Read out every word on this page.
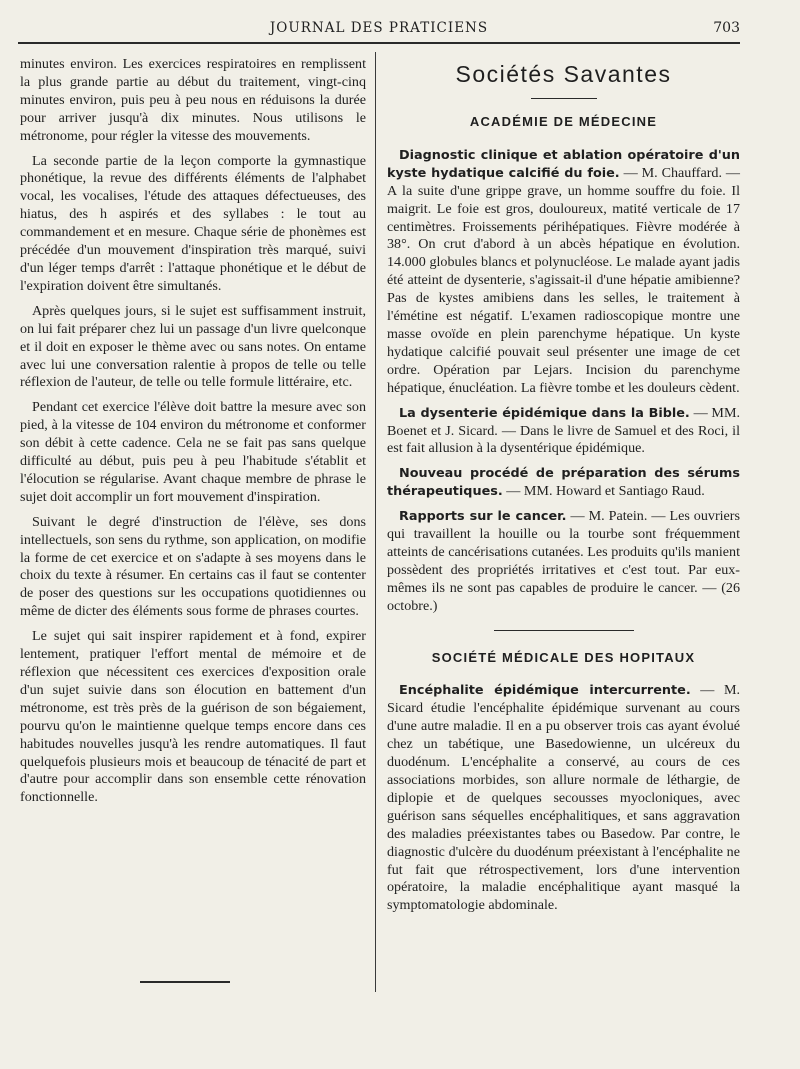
JOURNAL DES PRATICIENS	703

minutes environ. Les exercices respiratoires en remplissent la plus grande partie au début du traitement, vingt-cinq minutes environ, puis peu à peu nous en réduisons la durée pour arriver jusqu'à dix minutes. Nous utilisons le métronome, pour régler la vitesse des mouvements.

La seconde partie de la leçon comporte la gymnastique phonétique, la revue des différents éléments de l'alphabet vocal, les vocalises, l'étude des attaques défectueuses, des hiatus, des h aspirés et des syllabes : le tout au commandement et en mesure. Chaque série de phonèmes est précédée d'un mouvement d'inspiration très marqué, suivi d'un léger temps d'arrêt : l'attaque phonétique et le début de l'expiration doivent être simultanés.

Après quelques jours, si le sujet est suffisamment instruit, on lui fait préparer chez lui un passage d'un livre quelconque et il doit en exposer le thème avec ou sans notes. On entame avec lui une conversation ralentie à propos de telle ou telle réflexion de l'auteur, de telle ou telle formule littéraire, etc.

Pendant cet exercice l'élève doit battre la mesure avec son pied, à la vitesse de 104 environ du métronome et conformer son débit à cette cadence. Cela ne se fait pas sans quelque difficulté au début, puis peu à peu l'habitude s'établit et l'élocution se régularise. Avant chaque membre de phrase le sujet doit accomplir un fort mouvement d'inspiration.

Suivant le degré d'instruction de l'élève, ses dons intellectuels, son sens du rythme, son application, on modifie la forme de cet exercice et on s'adapte à ses moyens dans le choix du texte à résumer. En certains cas il faut se contenter de poser des questions sur les occupations quotidiennes ou même de dicter des éléments sous forme de phrases courtes.

Le sujet qui sait inspirer rapidement et à fond, expirer lentement, pratiquer l'effort mental de mémoire et de réflexion que nécessitent ces exercices d'exposition orale d'un sujet suivie dans son élocution en battement d'un métronome, est très près de la guérison de son bégaiement, pourvu qu'on le maintienne quelque temps encore dans ces habitudes nouvelles jusqu'à les rendre automatiques. Il faut quelquefois plusieurs mois et beaucoup de ténacité de part et d'autre pour accomplir dans son ensemble cette rénovation fonctionnelle.

Sociétés Savantes
ACADÉMIE DE MÉDECINE

Diagnostic clinique et ablation opératoire d'un kyste hydatique calcifié du foie. — M. Chauffard. — A la suite d'une grippe grave, un homme souffre du foie. Il maigrit. Le foie est gros, douloureux, matité verticale de 17 centimètres. Froissements périhépatiques. Fièvre modérée à 38°. On crut d'abord à un abcès hépatique en évolution. 14.000 globules blancs et polynucléose. Le malade ayant jadis été atteint de dysenterie, s'agissait-il d'une hépatie amibienne? Pas de kystes amibiens dans les selles, le traitement à l'émétine est négatif. L'examen radioscopique montre une masse ovoïde en plein parenchyme hépatique. Un kyste hydatique calcifié pouvait seul présenter une image de cet ordre. Opération par Lejars. Incision du parenchyme hépatique, énucléation. La fièvre tombe et les douleurs cèdent.

La dysenterie épidémique dans la Bible. — MM. Boenet et J. Sicard. — Dans le livre de Samuel et des Roci, il est fait allusion à la dysentérique épidémique.

Nouveau procédé de préparation des sérums thérapeutiques. — MM. Howard et Santiago Raud.

Rapports sur le cancer. — M. Patein. — Les ouvriers qui travaillent la houille ou la tourbe sont fréquemment atteints de cancérisations cutanées. Les produits qu'ils manient possèdent des propriétés irritatives et c'est tout. Par eux-mêmes ils ne sont pas capables de produire le cancer. — (26 octobre.)

SOCIÉTÉ MÉDICALE DES HOPITAUX

Encéphalite épidémique intercurrente. — M. Sicard étudie l'encéphalite épidémique survenant au cours d'une autre maladie. Il en a pu observer trois cas ayant évolué chez un tabétique, une Basedowienne, un ulcéreux du duodénum. L'encéphalite a conservé, au cours de ces associations morbides, son allure normale de léthargie, de diplopie et de quelques secousses myocloniques, avec guérison sans séquelles encéphalitiques, et sans aggravation des maladies préexistantes tabes ou Basedow. Par contre, le diagnostic d'ulcère du duodénum préexistant à l'encéphalite ne fut fait que rétrospectivement, lors d'une intervention opératoire, la maladie encéphalitique ayant masqué la symptomatologie abdominale.
